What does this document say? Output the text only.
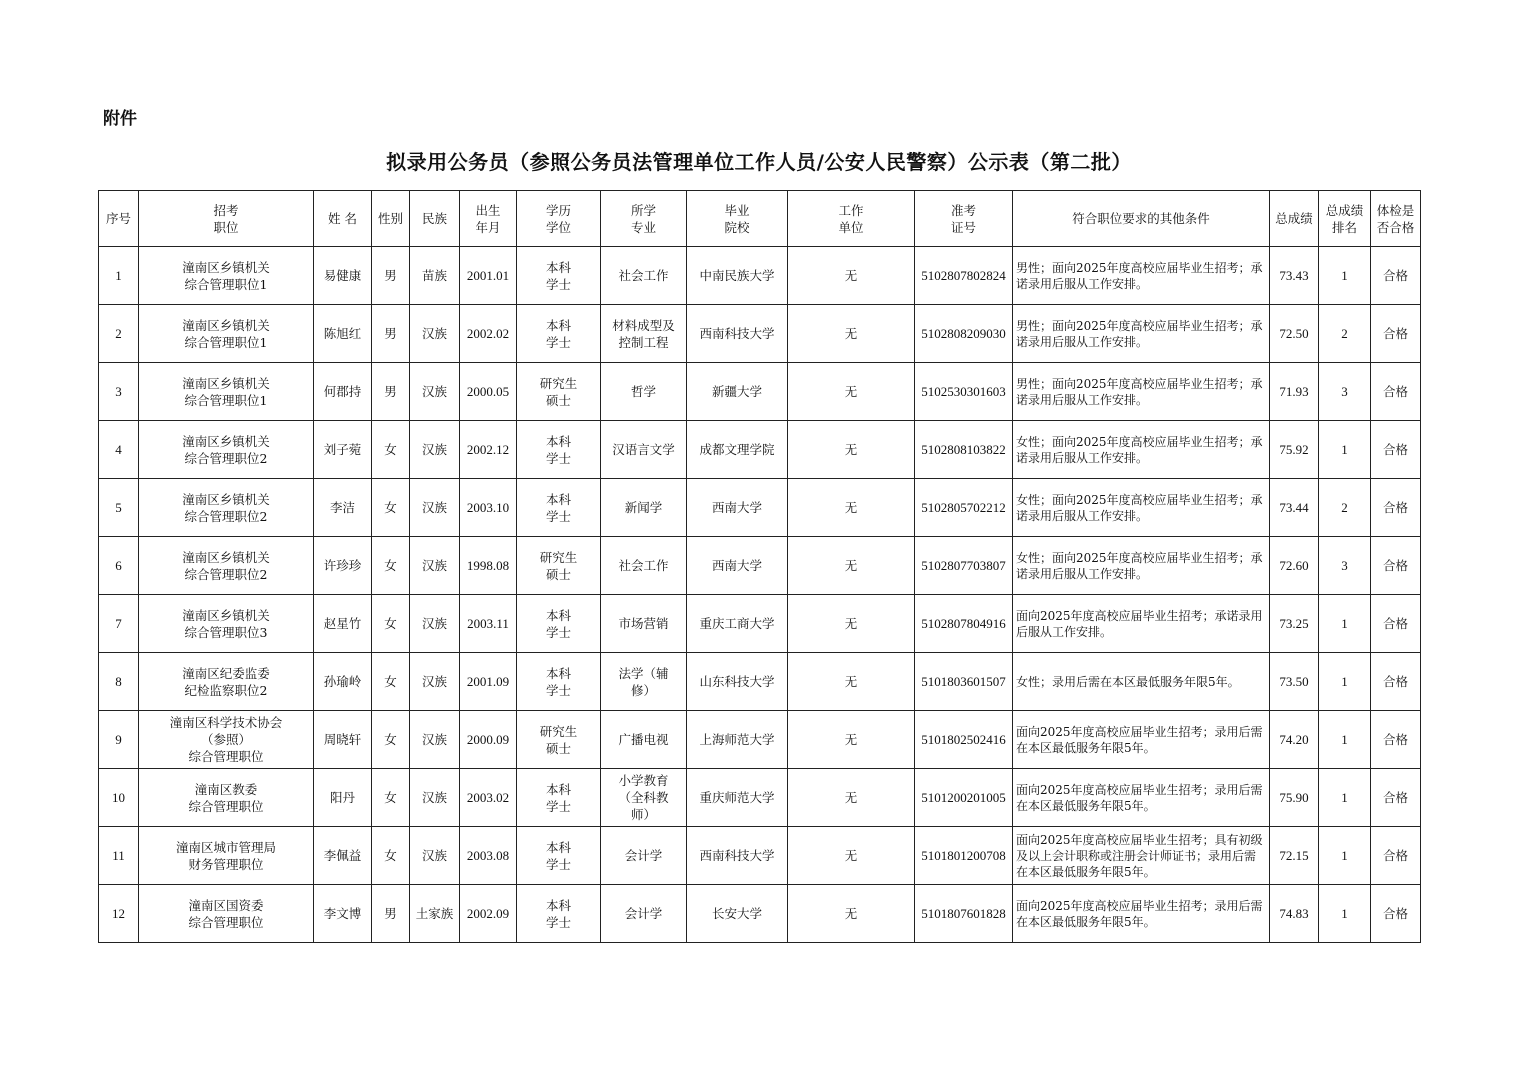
附件
拟录用公务员（参照公务员法管理单位工作人员/公安人民警察）公示表（第二批）
序号	招考
职位	姓 名	性别	民族	出生
年月	学历
学位	所学
专业	毕业
院校	工作
单位	准考
证号	符合职位要求的其他条件	总成绩	总成绩
排名	体检是
否合格
1	潼南区乡镇机关
综合管理职位1	易健康	男	苗族	2001.01	本科
学士	社会工作	中南民族大学	无	5102807802824	男性；面向2025年度高校应届毕业生招考；承诺录用后服从工作安排。	73.43	1	合格
2	潼南区乡镇机关
综合管理职位1	陈旭红	男	汉族	2002.02	本科
学士	材料成型及
控制工程	西南科技大学	无	5102808209030	男性；面向2025年度高校应届毕业生招考；承诺录用后服从工作安排。	72.50	2	合格
3	潼南区乡镇机关
综合管理职位1	何郡持	男	汉族	2000.05	研究生
硕士	哲学	新疆大学	无	5102530301603	男性；面向2025年度高校应届毕业生招考；承诺录用后服从工作安排。	71.93	3	合格
4	潼南区乡镇机关
综合管理职位2	刘子菀	女	汉族	2002.12	本科
学士	汉语言文学	成都文理学院	无	5102808103822	女性；面向2025年度高校应届毕业生招考；承诺录用后服从工作安排。	75.92	1	合格
5	潼南区乡镇机关
综合管理职位2	李洁	女	汉族	2003.10	本科
学士	新闻学	西南大学	无	5102805702212	女性；面向2025年度高校应届毕业生招考；承诺录用后服从工作安排。	73.44	2	合格
6	潼南区乡镇机关
综合管理职位2	许珍珍	女	汉族	1998.08	研究生
硕士	社会工作	西南大学	无	5102807703807	女性；面向2025年度高校应届毕业生招考；承诺录用后服从工作安排。	72.60	3	合格
7	潼南区乡镇机关
综合管理职位3	赵星竹	女	汉族	2003.11	本科
学士	市场营销	重庆工商大学	无	5102807804916	面向2025年度高校应届毕业生招考；承诺录用后服从工作安排。	73.25	1	合格
8	潼南区纪委监委
纪检监察职位2	孙瑜岭	女	汉族	2001.09	本科
学士	法学（辅
修）	山东科技大学	无	5101803601507	女性；录用后需在本区最低服务年限5年。	73.50	1	合格
9	潼南区科学技术协会
（参照）
综合管理职位	周晓轩	女	汉族	2000.09	研究生
硕士	广播电视	上海师范大学	无	5101802502416	面向2025年度高校应届毕业生招考；录用后需在本区最低服务年限5年。	74.20	1	合格
10	潼南区教委
综合管理职位	阳丹	女	汉族	2003.02	本科
学士	小学教育
（全科教
师）	重庆师范大学	无	5101200201005	面向2025年度高校应届毕业生招考；录用后需在本区最低服务年限5年。	75.90	1	合格
11	潼南区城市管理局
财务管理职位	李佩益	女	汉族	2003.08	本科
学士	会计学	西南科技大学	无	5101801200708	面向2025年度高校应届毕业生招考；具有初级及以上会计职称或注册会计师证书；录用后需在本区最低服务年限5年。	72.15	1	合格
12	潼南区国资委
综合管理职位	李文博	男	土家族	2002.09	本科
学士	会计学	长安大学	无	5101807601828	面向2025年度高校应届毕业生招考；录用后需在本区最低服务年限5年。	74.83	1	合格
